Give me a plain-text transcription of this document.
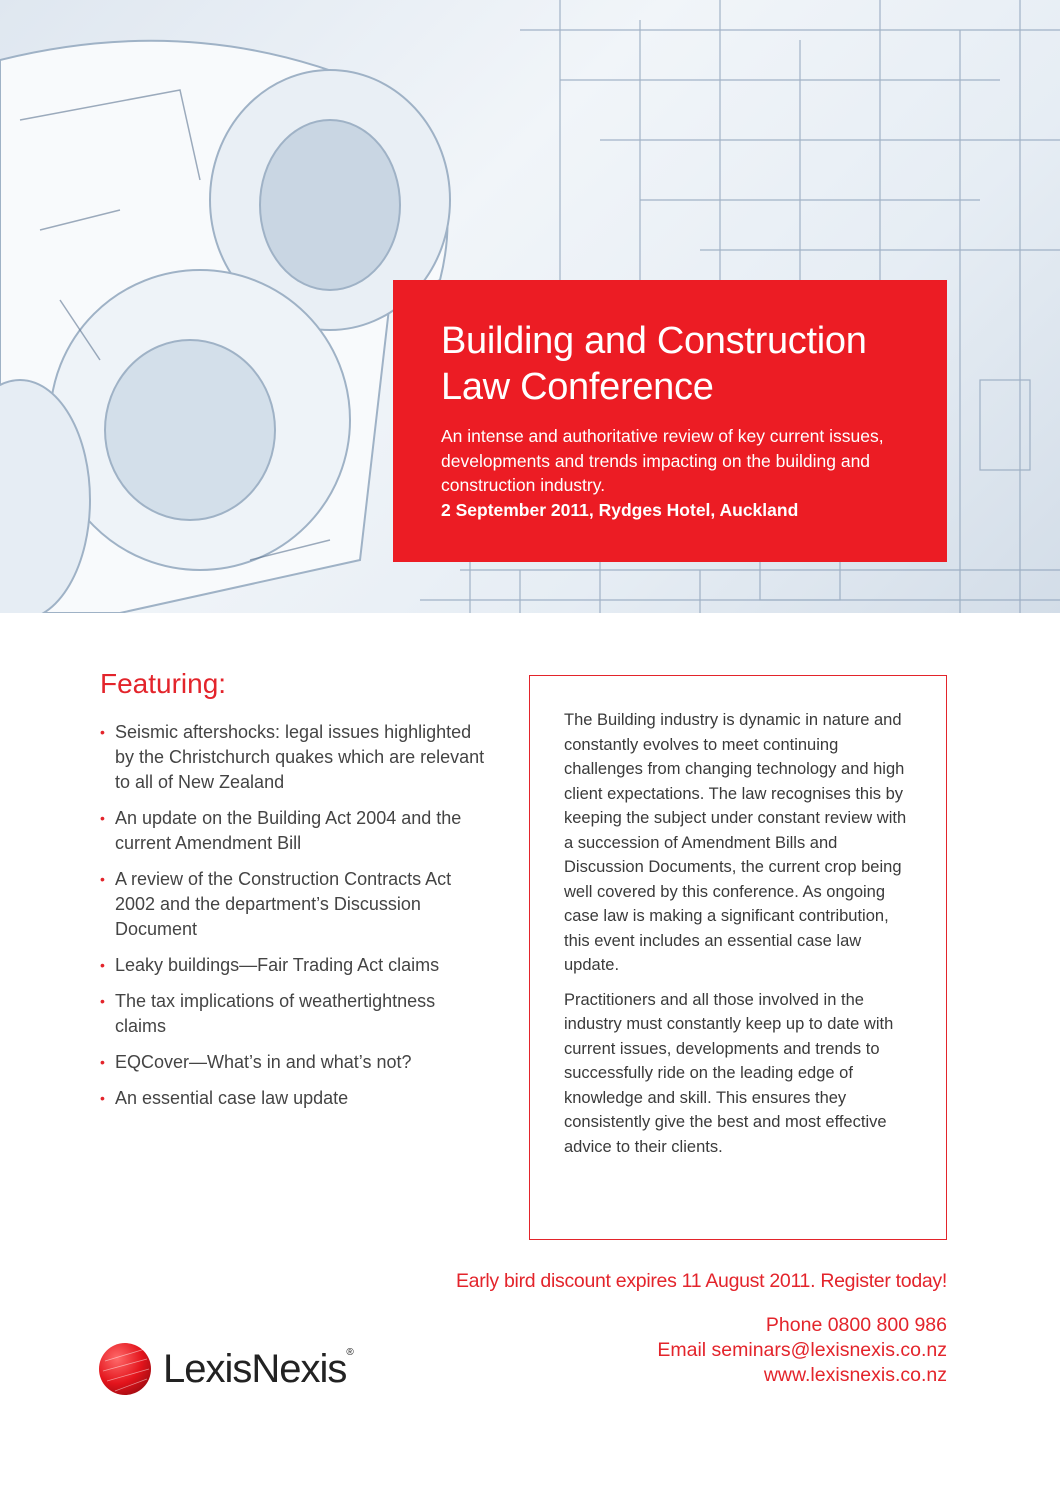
Building and Construction
Law Conference
An intense and authoritative review of key current issues, developments and trends impacting on the building and construction industry.
2 September 2011, Rydges Hotel, Auckland
Featuring:
• Seismic aftershocks: legal issues highlighted by the Christchurch quakes which are relevant to all of New Zealand
• An update on the Building Act 2004 and the current Amendment Bill
• A review of the Construction Contracts Act 2002 and the department’s Discussion Document
• Leaky buildings—Fair Trading Act claims
• The tax implications of weathertightness claims
• EQCover—What’s in and what’s not?
• An essential case law update

The Building industry is dynamic in nature and constantly evolves to meet continuing challenges from changing technology and high client expectations. The law recognises this by keeping the subject under constant review with a succession of Amendment Bills and Discussion Documents, the current crop being well covered by this conference. As ongoing case law is making a significant contribution, this event includes an essential case law update.

Practitioners and all those involved in the industry must constantly keep up to date with current issues, developments and trends to successfully ride on the leading edge of knowledge and skill. This ensures they consistently give the best and most effective advice to their clients.

Early bird discount expires 11 August 2011. Register today!
Phone 0800 800 986
Email seminars@lexisnexis.co.nz
www.lexisnexis.co.nz
LexisNexis®
